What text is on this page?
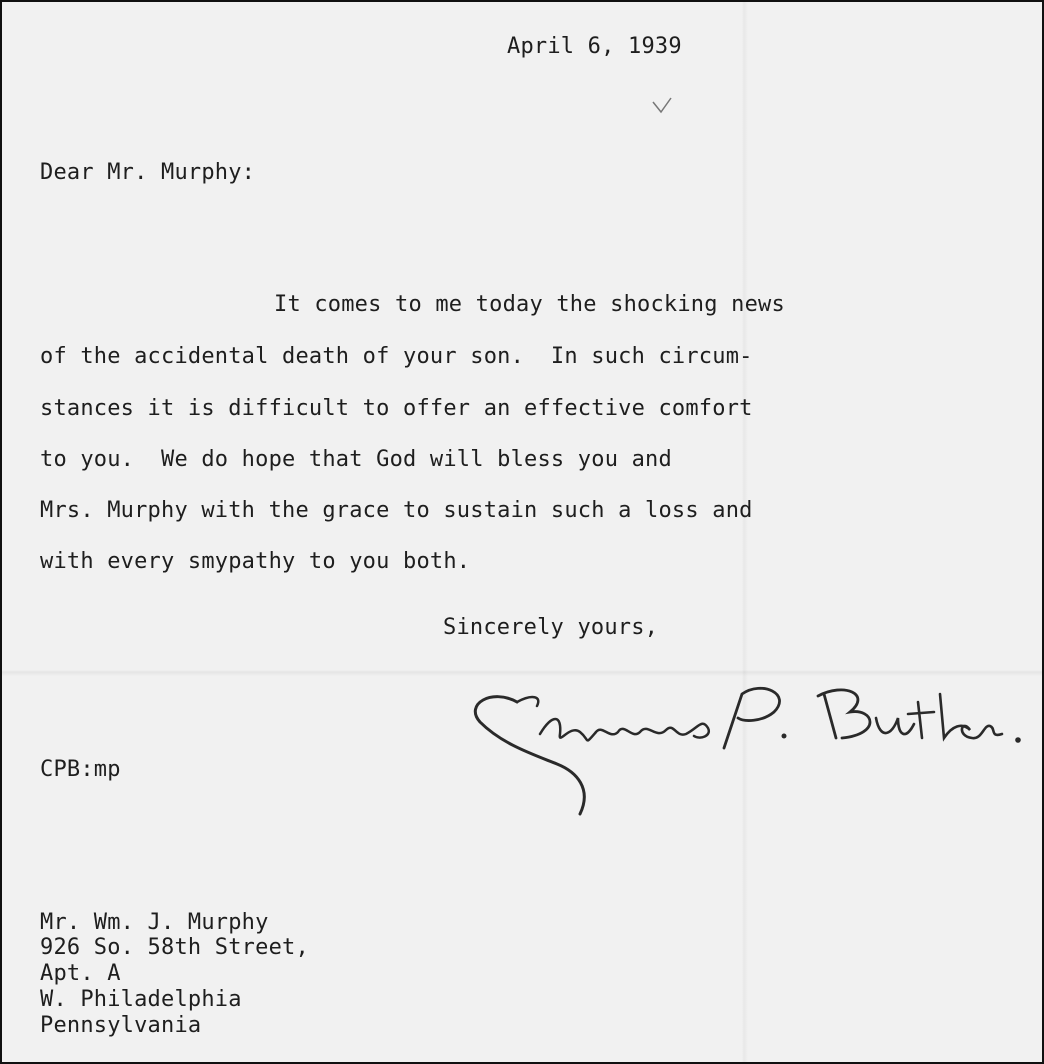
April 6, 1939
Dear Mr. Murphy:
It comes to me today the shocking news
of the accidental death of your son.  In such circum-
stances it is difficult to offer an effective comfort
to you.  We do hope that God will bless you and
Mrs. Murphy with the grace to sustain such a loss and
with every smypathy to you both.
Sincerely yours,
CPB:mp
Mr. Wm. J. Murphy
926 So. 58th Street,
Apt. A
W. Philadelphia
Pennsylvania
